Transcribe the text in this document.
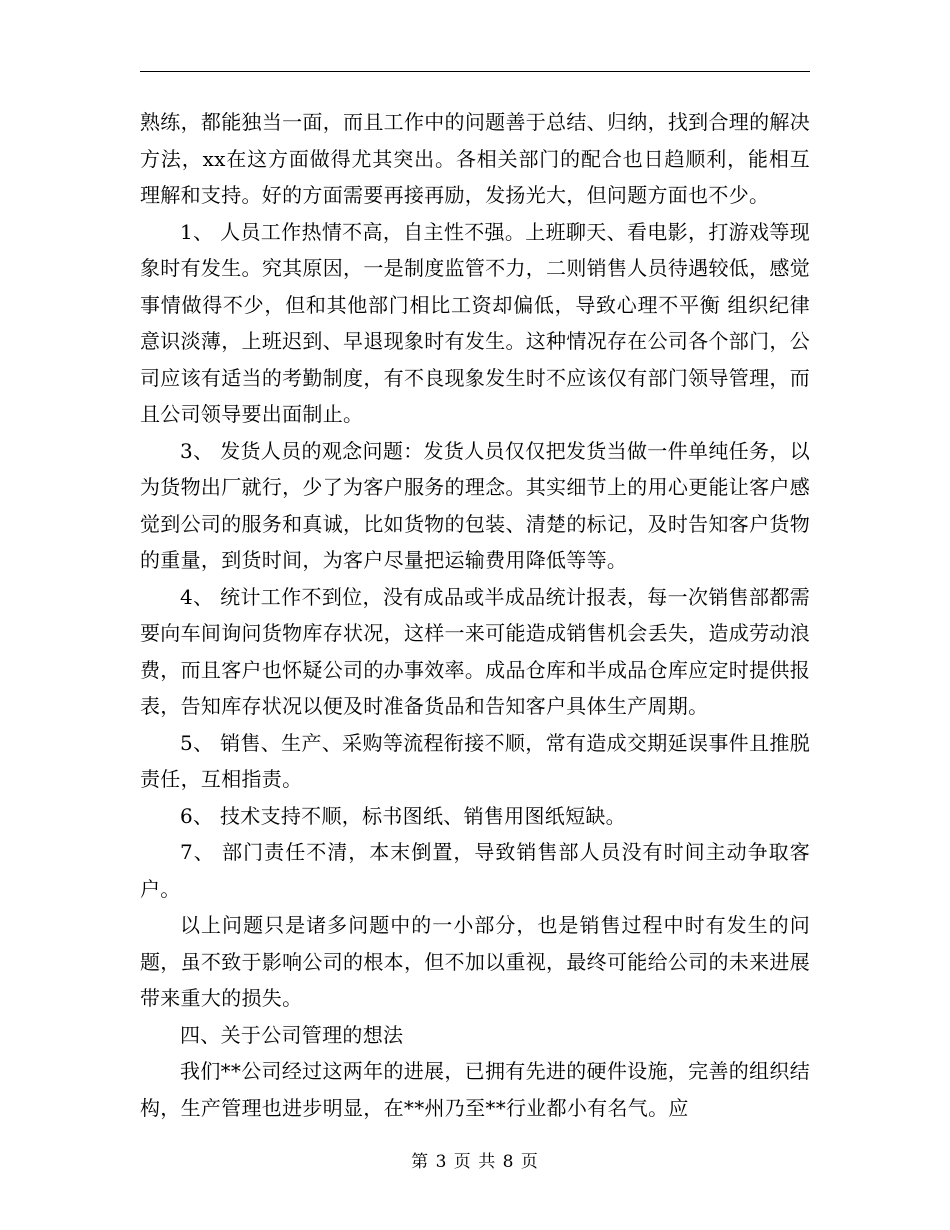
熟练，都能独当一面，而且工作中的问题善于总结、归纳，找到合理的解决方法，xx在这方面做得尤其突出。各相关部门的配合也日趋顺利，能相互理解和支持。好的方面需要再接再励，发扬光大，但问题方面也不少。

1、 人员工作热情不高，自主性不强。上班聊天、看电影，打游戏等现象时有发生。究其原因，一是制度监管不力，二则销售人员待遇较低，感觉事情做得不少，但和其他部门相比工资却偏低，导致心理不平衡 组织纪律意识淡薄，上班迟到、早退现象时有发生。这种情况存在公司各个部门，公司应该有适当的考勤制度，有不良现象发生时不应该仅有部门领导管理，而且公司领导要出面制止。

3、 发货人员的观念问题：发货人员仅仅把发货当做一件单纯任务，以为货物出厂就行，少了为客户服务的理念。其实细节上的用心更能让客户感觉到公司的服务和真诚，比如货物的包装、清楚的标记，及时告知客户货物的重量，到货时间，为客户尽量把运输费用降低等等。

4、 统计工作不到位，没有成品或半成品统计报表，每一次销售部都需要向车间询问货物库存状况，这样一来可能造成销售机会丢失，造成劳动浪费，而且客户也怀疑公司的办事效率。成品仓库和半成品仓库应定时提供报表，告知库存状况以便及时准备货品和告知客户具体生产周期。

5、 销售、生产、采购等流程衔接不顺，常有造成交期延误事件且推脱责任，互相指责。

6、 技术支持不顺，标书图纸、销售用图纸短缺。

7、 部门责任不清，本末倒置，导致销售部人员没有时间主动争取客户。

以上问题只是诸多问题中的一小部分，也是销售过程中时有发生的问题，虽不致于影响公司的根本，但不加以重视，最终可能给公司的未来进展带来重大的损失。

四、关于公司管理的想法

我们**公司经过这两年的进展，已拥有先进的硬件设施，完善的组织结构，生产管理也进步明显，在**州乃至**行业都小有名气。应

第 3 页 共 8 页
